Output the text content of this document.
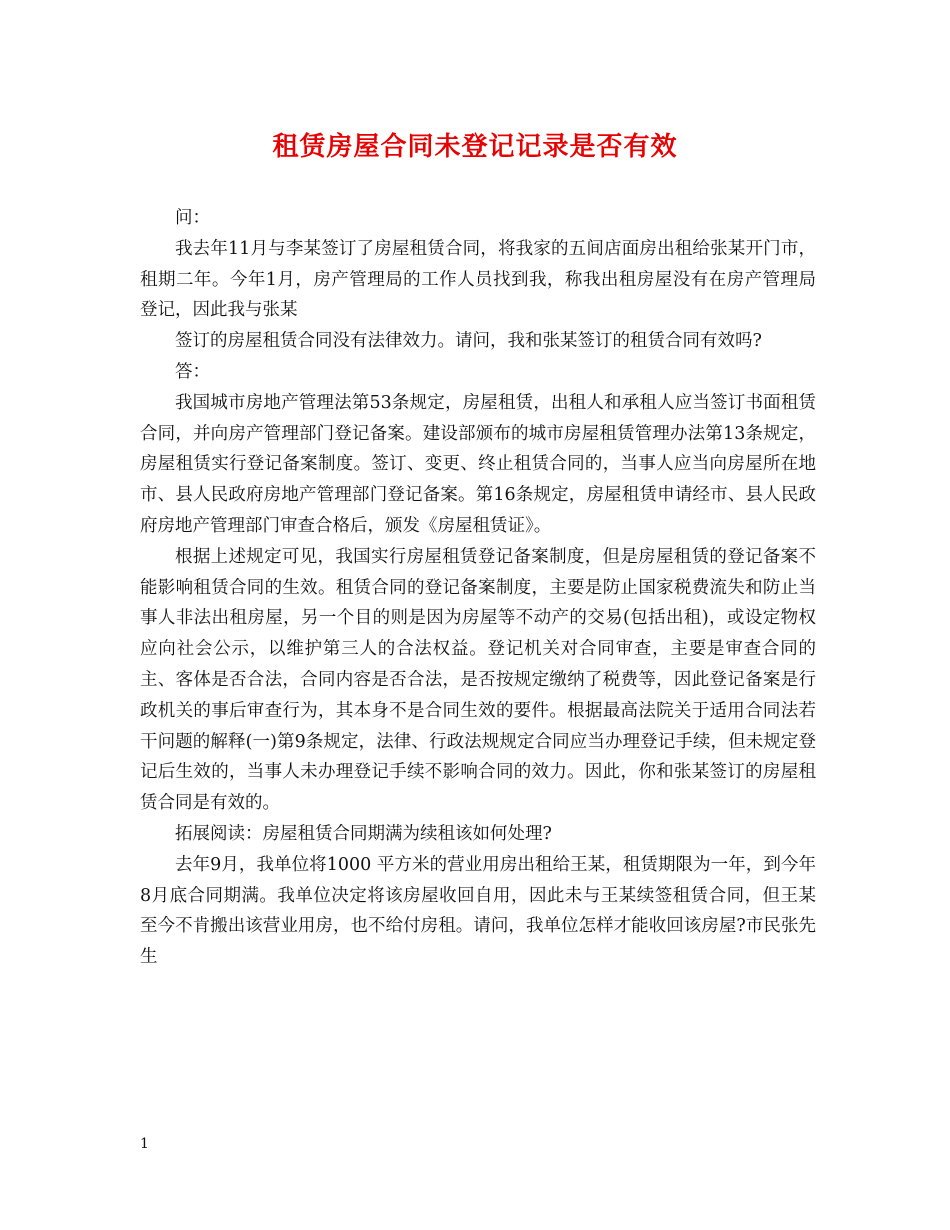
租赁房屋合同未登记记录是否有效

问：

我去年11月与李某签订了房屋租赁合同，将我家的五间店面房出租给张某开门市，租期二年。今年1月，房产管理局的工作人员找到我，称我出租房屋没有在房产管理局登记，因此我与张某

签订的房屋租赁合同没有法律效力。请问，我和张某签订的租赁合同有效吗?

答：

我国城市房地产管理法第53条规定，房屋租赁，出租人和承租人应当签订书面租赁合同，并向房产管理部门登记备案。建设部颁布的城市房屋租赁管理办法第13条规定，房屋租赁实行登记备案制度。签订、变更、终止租赁合同的，当事人应当向房屋所在地市、县人民政府房地产管理部门登记备案。第16条规定，房屋租赁申请经市、县人民政府房地产管理部门审查合格后，颁发《房屋租赁证》。

根据上述规定可见，我国实行房屋租赁登记备案制度，但是房屋租赁的登记备案不能影响租赁合同的生效。租赁合同的登记备案制度，主要是防止国家税费流失和防止当事人非法出租房屋，另一个目的则是因为房屋等不动产的交易(包括出租)，或设定物权应向社会公示，以维护第三人的合法权益。登记机关对合同审查，主要是审查合同的主、客体是否合法，合同内容是否合法，是否按规定缴纳了税费等，因此登记备案是行政机关的事后审查行为，其本身不是合同生效的要件。根据最高法院关于适用合同法若干问题的解释(一)第9条规定，法律、行政法规规定合同应当办理登记手续，但未规定登记后生效的，当事人未办理登记手续不影响合同的效力。因此，你和张某签订的房屋租赁合同是有效的。

拓展阅读：房屋租赁合同期满为续租该如何处理?

去年9月，我单位将1000 平方米的营业用房出租给王某，租赁期限为一年，到今年8月底合同期满。我单位决定将该房屋收回自用，因此未与王某续签租赁合同，但王某至今不肯搬出该营业用房，也不给付房租。请问，我单位怎样才能收回该房屋?市民张先生

1
